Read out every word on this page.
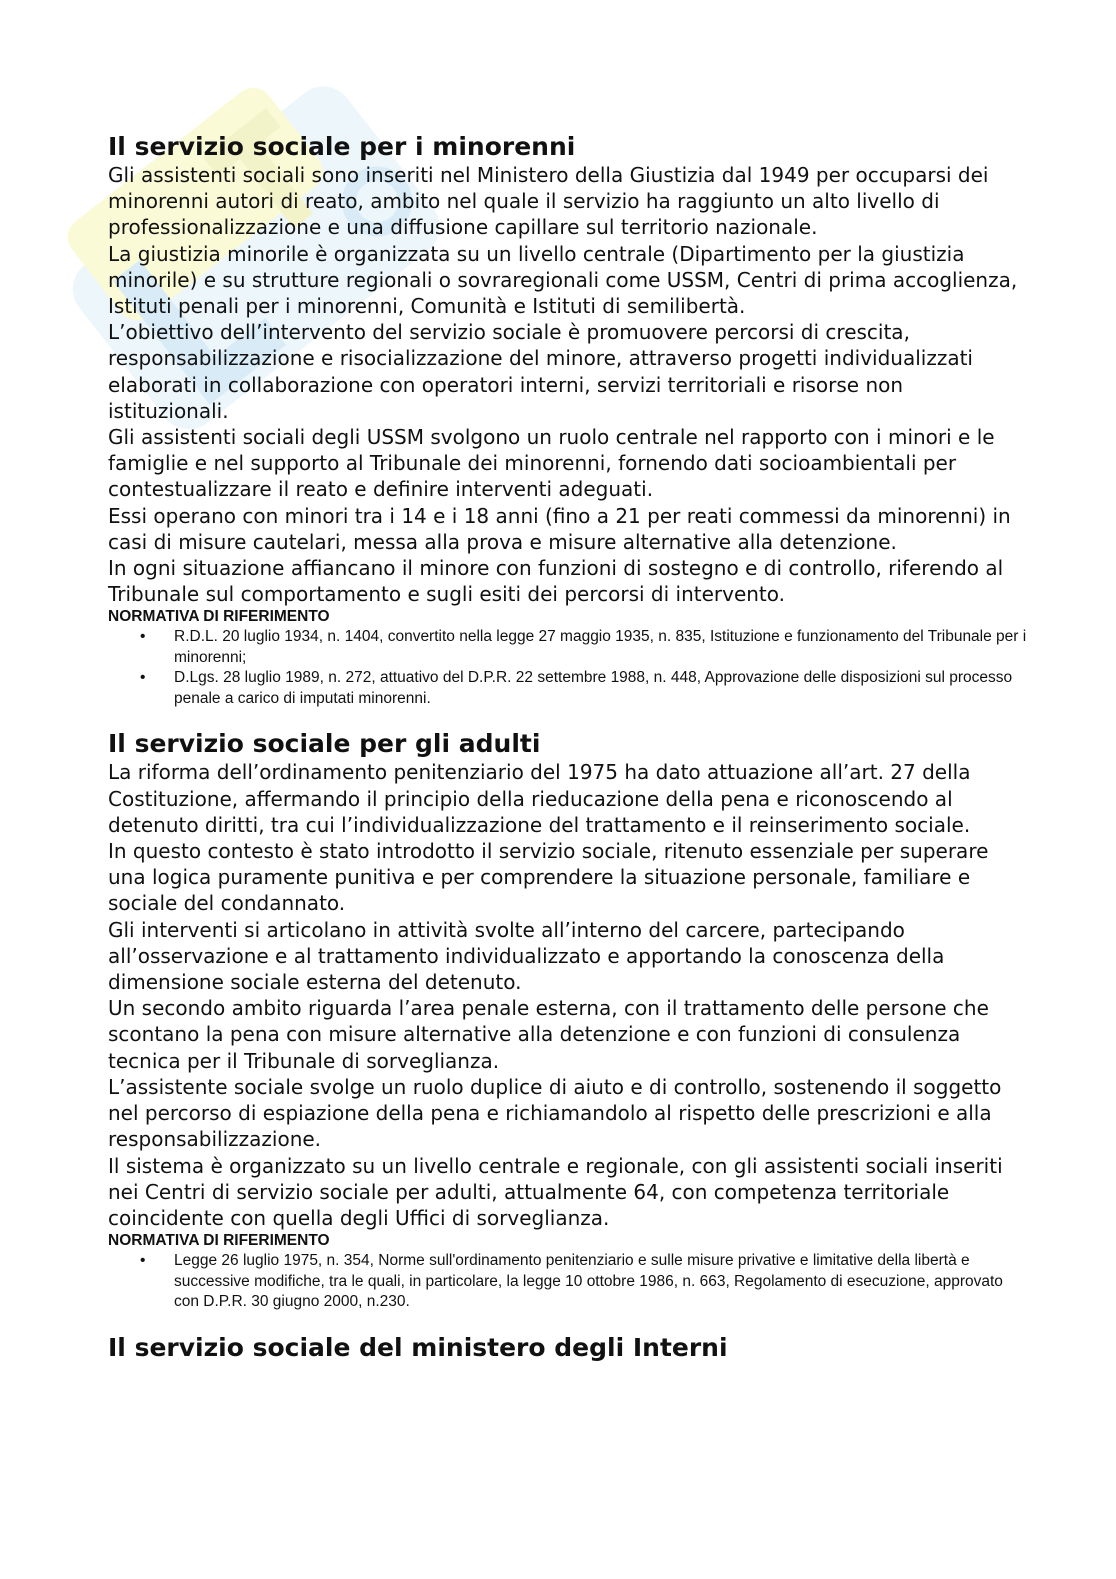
Il servizio sociale per i minorenni

Gli assistenti sociali sono inseriti nel Ministero della Giustizia dal 1949 per occuparsi dei minorenni autori di reato, ambito nel quale il servizio ha raggiunto un alto livello di professionalizzazione e una diffusione capillare sul territorio nazionale.

La giustizia minorile è organizzata su un livello centrale (Dipartimento per la giustizia minorile) e su strutture regionali o sovraregionali come USSM, Centri di prima accoglienza, Istituti penali per i minorenni, Comunità e Istituti di semilibertà.

L’obiettivo dell’intervento del servizio sociale è promuovere percorsi di crescita, responsabilizzazione e risocializzazione del minore, attraverso progetti individualizzati elaborati in collaborazione con operatori interni, servizi territoriali e risorse non istituzionali.

Gli assistenti sociali degli USSM svolgono un ruolo centrale nel rapporto con i minori e le famiglie e nel supporto al Tribunale dei minorenni, fornendo dati socioambientali per contestualizzare il reato e definire interventi adeguati.

Essi operano con minori tra i 14 e i 18 anni (fino a 21 per reati commessi da minorenni) in casi di misure cautelari, messa alla prova e misure alternative alla detenzione.

In ogni situazione affiancano il minore con funzioni di sostegno e di controllo, riferendo al Tribunale sul comportamento e sugli esiti dei percorsi di intervento.

NORMATIVA DI RIFERIMENTO

• R.D.L. 20 luglio 1934, n. 1404, convertito nella legge 27 maggio 1935, n. 835, Istituzione e funzionamento del Tribunale per i minorenni;
• D.Lgs. 28 luglio 1989, n. 272, attuativo del D.P.R. 22 settembre 1988, n. 448, Approvazione delle disposizioni sul processo penale a carico di imputati minorenni.
Il servizio sociale per gli adulti

La riforma dell’ordinamento penitenziario del 1975 ha dato attuazione all’art. 27 della Costituzione, affermando il principio della rieducazione della pena e riconoscendo al detenuto diritti, tra cui l’individualizzazione del trattamento e il reinserimento sociale.

In questo contesto è stato introdotto il servizio sociale, ritenuto essenziale per superare una logica puramente punitiva e per comprendere la situazione personale, familiare e sociale del condannato.

Gli interventi si articolano in attività svolte all’interno del carcere, partecipando all’osservazione e al trattamento individualizzato e apportando la conoscenza della dimensione sociale esterna del detenuto.

Un secondo ambito riguarda l’area penale esterna, con il trattamento delle persone che scontano la pena con misure alternative alla detenzione e con funzioni di consulenza tecnica per il Tribunale di sorveglianza.

L’assistente sociale svolge un ruolo duplice di aiuto e di controllo, sostenendo il soggetto nel percorso di espiazione della pena e richiamandolo al rispetto delle prescrizioni e alla responsabilizzazione.

Il sistema è organizzato su un livello centrale e regionale, con gli assistenti sociali inseriti nei Centri di servizio sociale per adulti, attualmente 64, con competenza territoriale coincidente con quella degli Uffici di sorveglianza.

NORMATIVA DI RIFERIMENTO

• Legge 26 luglio 1975, n. 354, Norme sull'ordinamento penitenziario e sulle misure privative e limitative della libertà e successive modifiche, tra le quali, in particolare, la legge 10 ottobre 1986, n. 663, Regolamento di esecuzione, approvato con D.P.R. 30 giugno 2000, n.230.
Il servizio sociale del ministero degli Interni
